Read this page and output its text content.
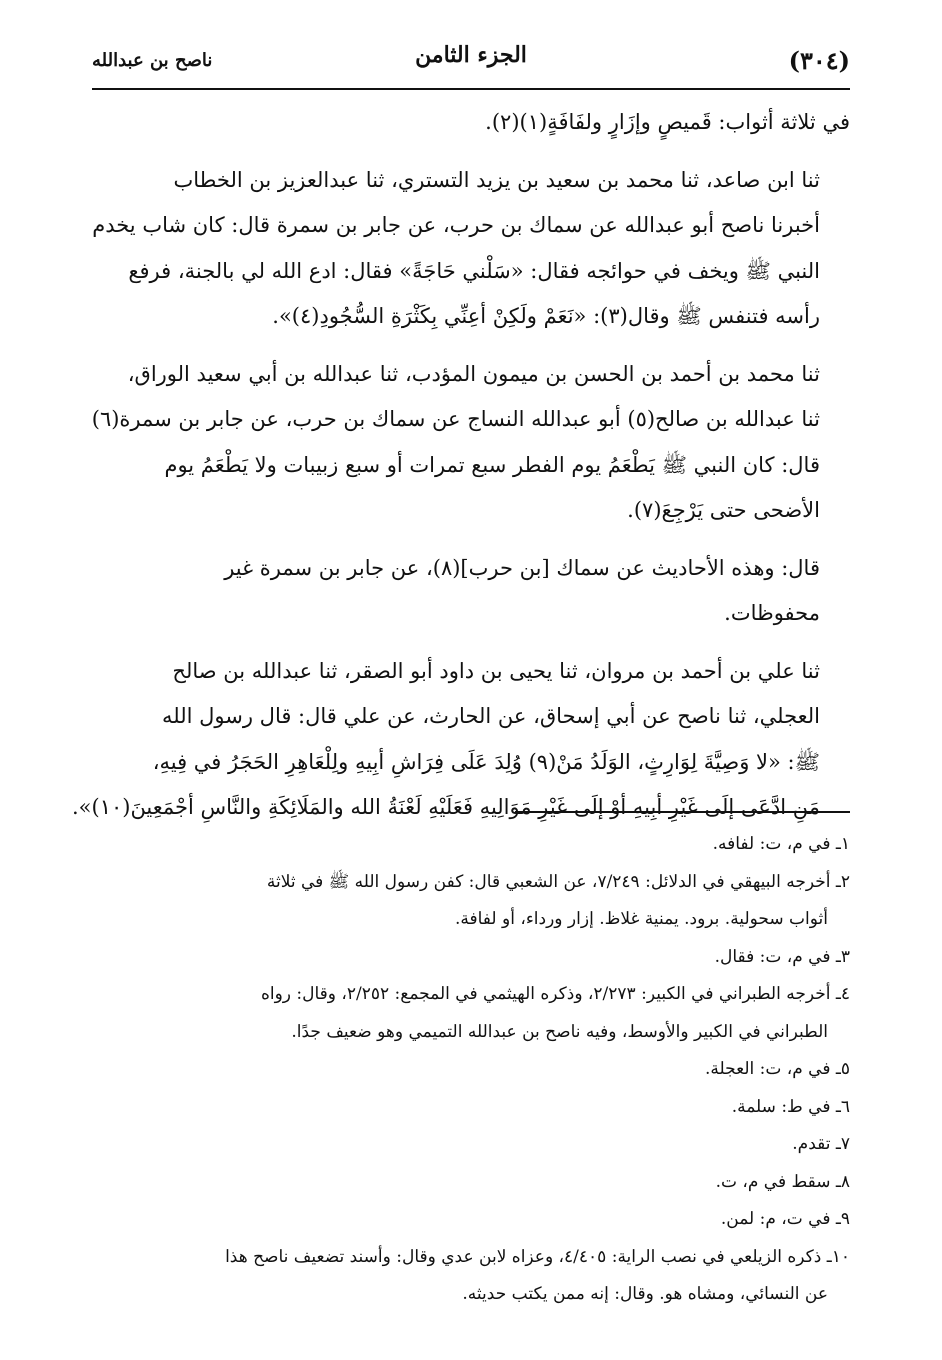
(٣٠٤)
الجزء الثامن
ناصح بن عبدالله

في ثلاثة أثواب: قَميصٍ وإزَارٍ ولفَافَةٍ(١)(٢).

ثنا ابن صاعد، ثنا محمد بن سعيد بن يزيد التستري، ثنا عبدالعزيز بن الخطاب
أخبرنا ناصح أبو عبدالله عن سماك بن حرب، عن جابر بن سمرة قال: كان شاب يخدم
النبي ﷺ ويخف في حوائجه فقال: «سَلْني حَاجَةً» فقال: ادع الله لي بالجنة، فرفع
رأسه فتنفس ﷺ وقال(٣): «نَعَمْ ولَكِنْ أعِنِّي بِكَثْرَةِ السُّجُودِ(٤)».

ثنا محمد بن أحمد بن الحسن بن ميمون المؤدب، ثنا عبدالله بن أبي سعيد الوراق،
ثنا عبدالله بن صالح(٥) أبو عبدالله النساج عن سماك بن حرب، عن جابر بن سمرة(٦)
قال: كان النبي ﷺ يَطْعَمُ يوم الفطر سبع تمرات أو سبع زبيبات ولا يَطْعَمُ يوم
الأضحى حتى يَرْجِعَ(٧).

قال: وهذه الأحاديث عن سماك [بن حرب](٨)، عن جابر بن سمرة غير
محفوظات.

ثنا علي بن أحمد بن مروان، ثنا يحيى بن داود أبو الصقر، ثنا عبدالله بن صالح
العجلي، ثنا ناصح عن أبي إسحاق، عن الحارث، عن علي قال: قال رسول الله
ﷺ: «لا وَصِيَّةَ لِوَارِثٍ، الوَلَدُ مَنْ(٩) وُلِدَ عَلَى فِرَاشِ أبِيهِ ولِلْعَاهِرِ الحَجَرُ في فِيهِ،
مَنِ ادَّعَى إلَى غَيْرِ أبِيهِ أوْ إلَى غَيْرِ مَوَالِيهِ فَعَلَيْهِ لَعْنَةُ الله والمَلَائِكَةِ والنَّاسِ أجْمَعِينَ(١٠)».

١ـ في م، ت: لفافه.
٢ـ أخرجه البيهقي في الدلائل: ٧/٢٤٩، عن الشعبي قال: كفن رسول الله ﷺ في ثلاثة
أثواب سحولية. برود. يمنية غلاظ. إزار ورداء، أو لفافة.
٣ـ في م، ت: فقال.
٤ـ أخرجه الطبراني في الكبير: ٢/٢٧٣، وذكره الهيثمي في المجمع: ٢/٢٥٢، وقال: رواه
الطبراني في الكبير والأوسط، وفيه ناصح بن عبدالله التميمي وهو ضعيف جدًا.
٥ـ في م، ت: العجلة.
٦ـ في ط: سلمة.
٧ـ تقدم.
٨ـ سقط في م، ت.
٩ـ في ت، م: لمن.
١٠ـ ذكره الزيلعي في نصب الراية: ٤/٤٠٥، وعزاه لابن عدي وقال: وأسند تضعيف ناصح هذا
عن النسائي، ومشاه هو. وقال: إنه ممن يكتب حديثه.
